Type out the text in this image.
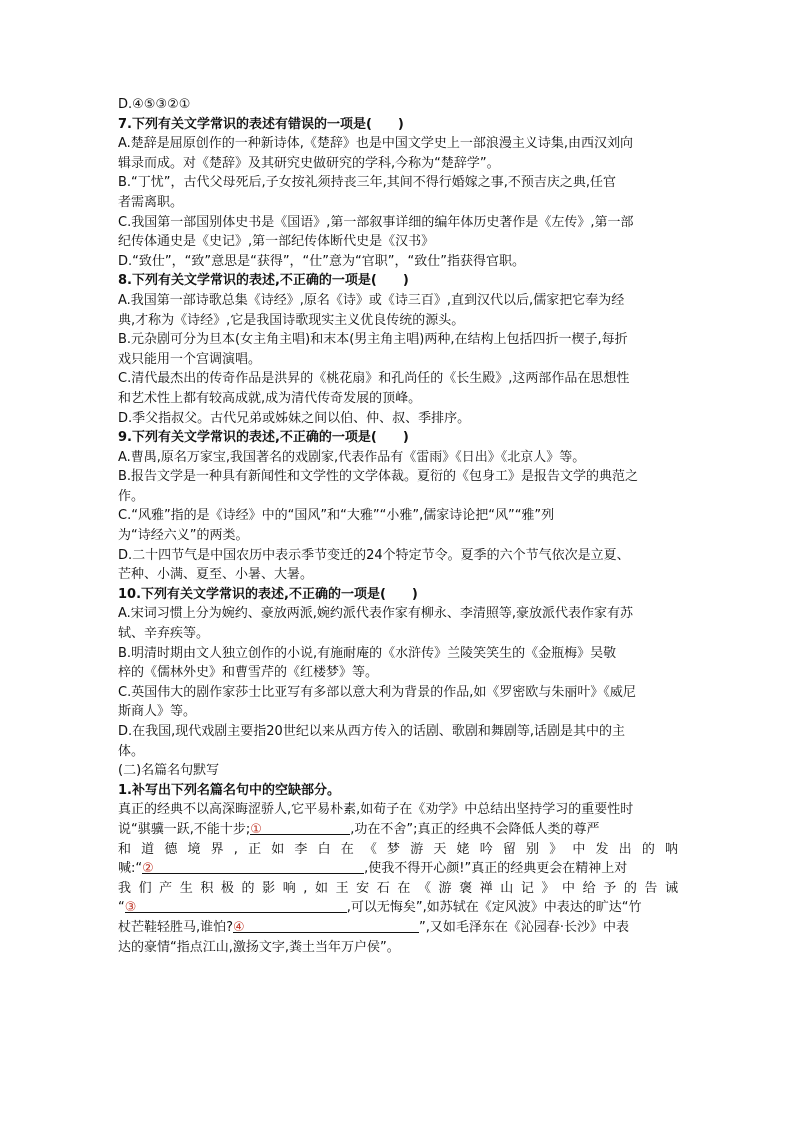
D.④⑤③②①
7.下列有关文学常识的表述有错误的一项是(　　)
A.楚辞是屈原创作的一种新诗体,《楚辞》也是中国文学史上一部浪漫主义诗集,由西汉刘向
辑录而成。对《楚辞》及其研究史做研究的学科,今称为“楚辞学”。
B.“丁忧”，古代父母死后,子女按礼须持丧三年,其间不得行婚嫁之事,不预吉庆之典,任官
者需离职。
C.我国第一部国别体史书是《国语》,第一部叙事详细的编年体历史著作是《左传》,第一部
纪传体通史是《史记》,第一部纪传体断代史是《汉书》
D.“致仕”，“致”意思是“获得”，“仕”意为“官职”，“致仕”指获得官职。
8.下列有关文学常识的表述,不正确的一项是(　　)
A.我国第一部诗歌总集《诗经》,原名《诗》或《诗三百》,直到汉代以后,儒家把它奉为经
典,才称为《诗经》,它是我国诗歌现实主义优良传统的源头。
B.元杂剧可分为旦本(女主角主唱)和末本(男主角主唱)两种,在结构上包括四折一楔子,每折
戏只能用一个宫调演唱。
C.清代最杰出的传奇作品是洪昇的《桃花扇》和孔尚任的《长生殿》,这两部作品在思想性
和艺术性上都有较高成就,成为清代传奇发展的顶峰。
D.季父指叔父。古代兄弟或姊妹之间以伯、仲、叔、季排序。
9.下列有关文学常识的表述,不正确的一项是(　　)
A.曹禺,原名万家宝,我国著名的戏剧家,代表作品有《雷雨》《日出》《北京人》等。
B.报告文学是一种具有新闻性和文学性的文学体裁。夏衍的《包身工》是报告文学的典范之
作。
C.“风雅”指的是《诗经》中的“国风”和“大雅”“小雅”,儒家诗论把“风”“雅”列
为“诗经六义”的两类。
D.二十四节气是中国农历中表示季节变迁的24个特定节令。夏季的六个节气依次是立夏、
芒种、小满、夏至、小暑、大暑。
10.下列有关文学常识的表述,不正确的一项是(　　)
A.宋词习惯上分为婉约、豪放两派,婉约派代表作家有柳永、李清照等,豪放派代表作家有苏
轼、辛弃疾等。
B.明清时期由文人独立创作的小说,有施耐庵的《水浒传》兰陵笑笑生的《金瓶梅》吴敬
梓的《儒林外史》和曹雪芹的《红楼梦》等。
C.英国伟大的剧作家莎士比亚写有多部以意大利为背景的作品,如《罗密欧与朱丽叶》《威尼
斯商人》等。
D.在我国,现代戏剧主要指20世纪以来从西方传入的话剧、歌剧和舞剧等,话剧是其中的主
体。
(二)名篇名句默写
1.补写出下列名篇名句中的空缺部分。
真正的经典不以高深晦涩骄人,它平易朴素,如荀子在《劝学》中总结出坚持学习的重要性时
说“骐骥一跃,不能十步;①	,功在不舍”;真正的经典不会降低人类的尊严
和道德境界,正如李白在《梦游天姥吟留别》中发出的呐
喊:“②	,使我不得开心颜!”真正的经典更会在精神上对
我们产生积极的影响,如王安石在《游褒禅山记》中给予的告诫
“③	,可以无悔矣”,如苏轼在《定风波》中表达的旷达“竹
杖芒鞋轻胜马,谁怕?④	”,又如毛泽东在《沁园春·长沙》中表
达的豪情“指点江山,激扬文字,粪土当年万户侯”。
